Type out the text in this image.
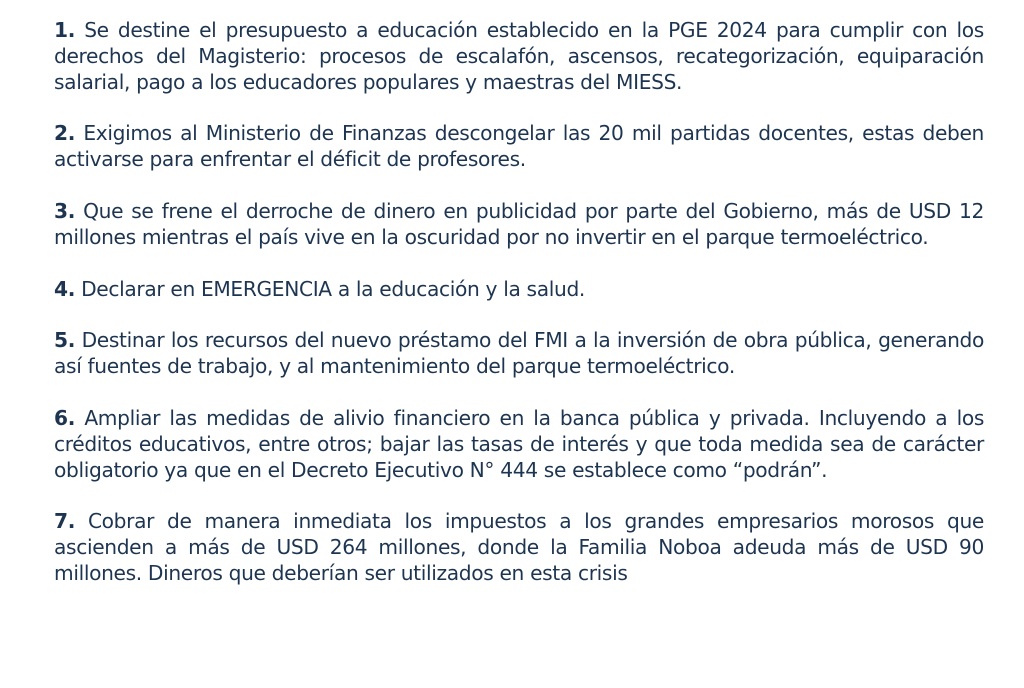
1. Se destine el presupuesto a educación establecido en la PGE 2024 para cumplir con los derechos del Magisterio: procesos de escalafón, ascensos, recategorización, equiparación salarial, pago a los educadores populares y maestras del MIESS.

2. Exigimos al Ministerio de Finanzas descongelar las 20 mil partidas docentes, estas deben activarse para enfrentar el déficit de profesores.

3. Que se frene el derroche de dinero en publicidad por parte del Gobierno, más de USD 12 millones mientras el país vive en la oscuridad por no invertir en el parque termoeléctrico.

4. Declarar en EMERGENCIA a la educación y la salud.

5. Destinar los recursos del nuevo préstamo del FMI a la inversión de obra pública, generando así fuentes de trabajo, y al mantenimiento del parque termoeléctrico.

6. Ampliar las medidas de alivio financiero en la banca pública y privada. Incluyendo a los créditos educativos, entre otros; bajar las tasas de interés y que toda medida sea de carácter obligatorio ya que en el Decreto Ejecutivo N° 444 se establece como “podrán”.

7. Cobrar de manera inmediata los impuestos a los grandes empresarios morosos que ascienden a más de USD 264 millones, donde la Familia Noboa adeuda más de USD 90 millones. Dineros que deberían ser utilizados en esta crisis
